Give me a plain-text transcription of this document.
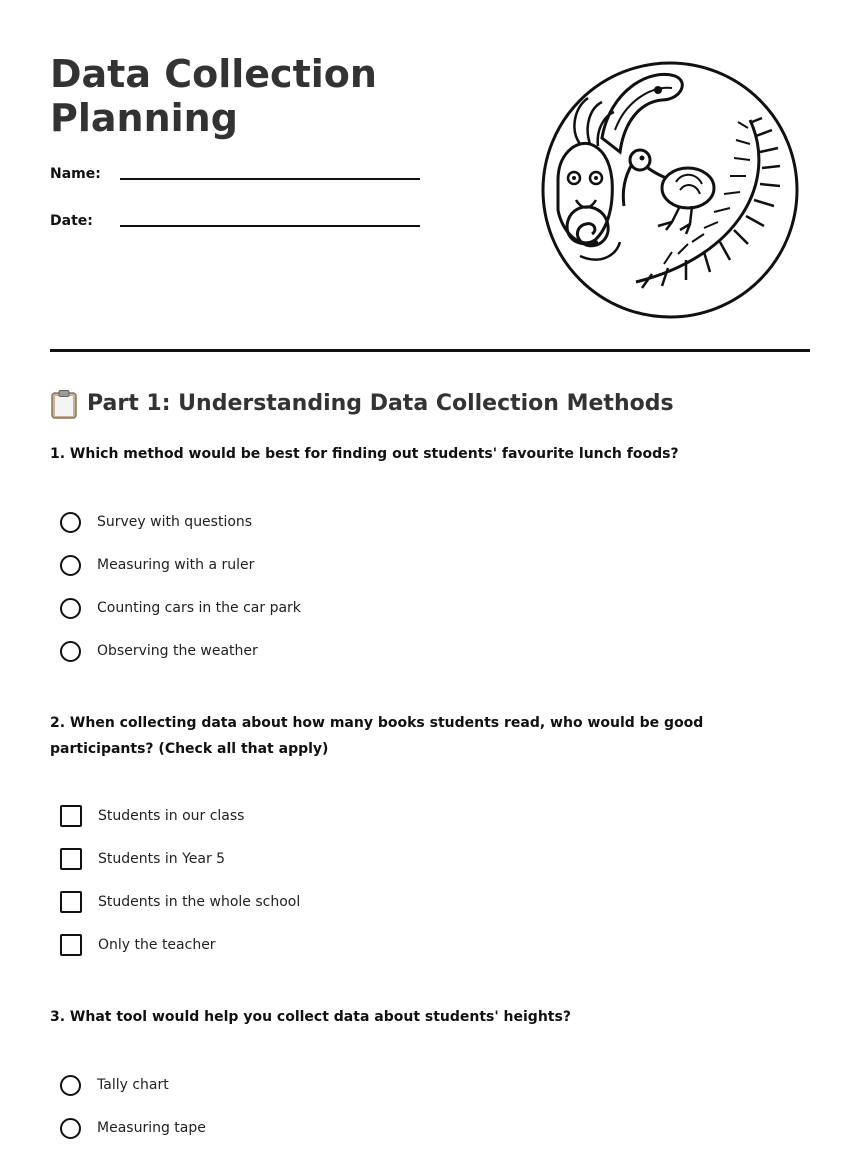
Data Collection Planning
Name:
Date:
Part 1: Understanding Data Collection Methods

1. Which method would be best for finding out students' favourite lunch foods?

Survey with questions
Measuring with a ruler
Counting cars in the car park
Observing the weather

2. When collecting data about how many books students read, who would be good participants? (Check all that apply)

Students in our class
Students in Year 5
Students in the whole school
Only the teacher

3. What tool would help you collect data about students' heights?

Tally chart
Measuring tape
